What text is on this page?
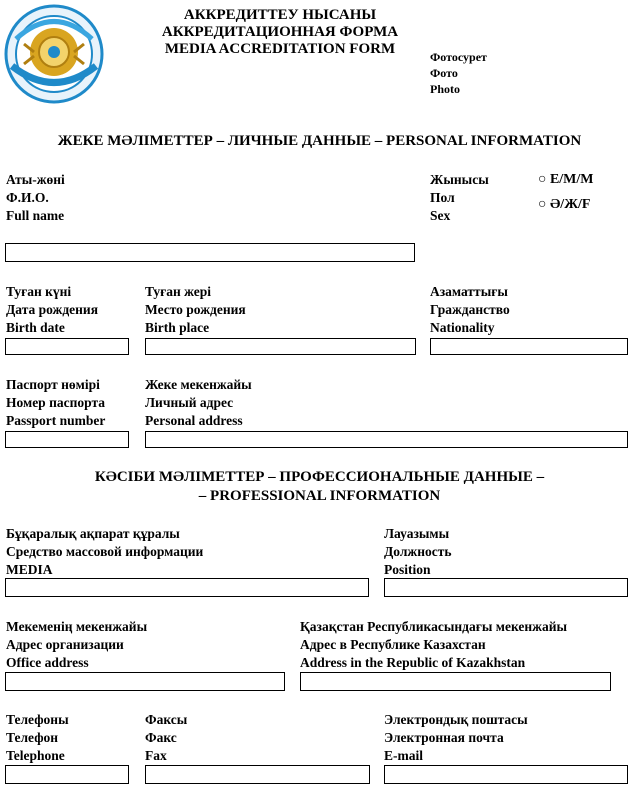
АККРЕДИТТЕУ НЫСАНЫ
АККРЕДИТАЦИОННАЯ ФОРМА
MEDIA ACCREDITATION FORM	Фотосурет
Фото
Photo
ЖЕКЕ МӘЛІМЕТТЕР – ЛИЧНЫЕ ДАННЫЕ – PERSONAL INFORMATION
Аты-жөні
Ф.И.О.
Full name
Жынысы
Пол
Sex
○ Е/М/М
○ Ә/Ж/F
Туған күні
Дата рождения
Birth date
Туған жері
Место рождения
Birth place
Азаматтығы
Гражданство
Nationality
Паспорт нөмірі
Номер паспорта
Passport number
Жеке мекенжайы
Личный адрес
Personal address
КӘСІБИ МӘЛІМЕТТЕР – ПРОФЕССИОНАЛЬНЫЕ ДАННЫЕ –
– PROFESSIONAL INFORMATION
Бұқаралық ақпарат құралы
Средство массовой информации
MEDIA
Лауазымы
Должность
Position
Мекеменің мекенжайы
Адрес организации
Office address
Қазақстан Республикасындағы мекенжайы
Адрес в Республике Казахстан
Address in the Republic of Kazakhstan
Телефоны
Телефон
Telephone
Факсы
Факс
Fax
Электрондық поштасы
Электронная почта
E-mail
